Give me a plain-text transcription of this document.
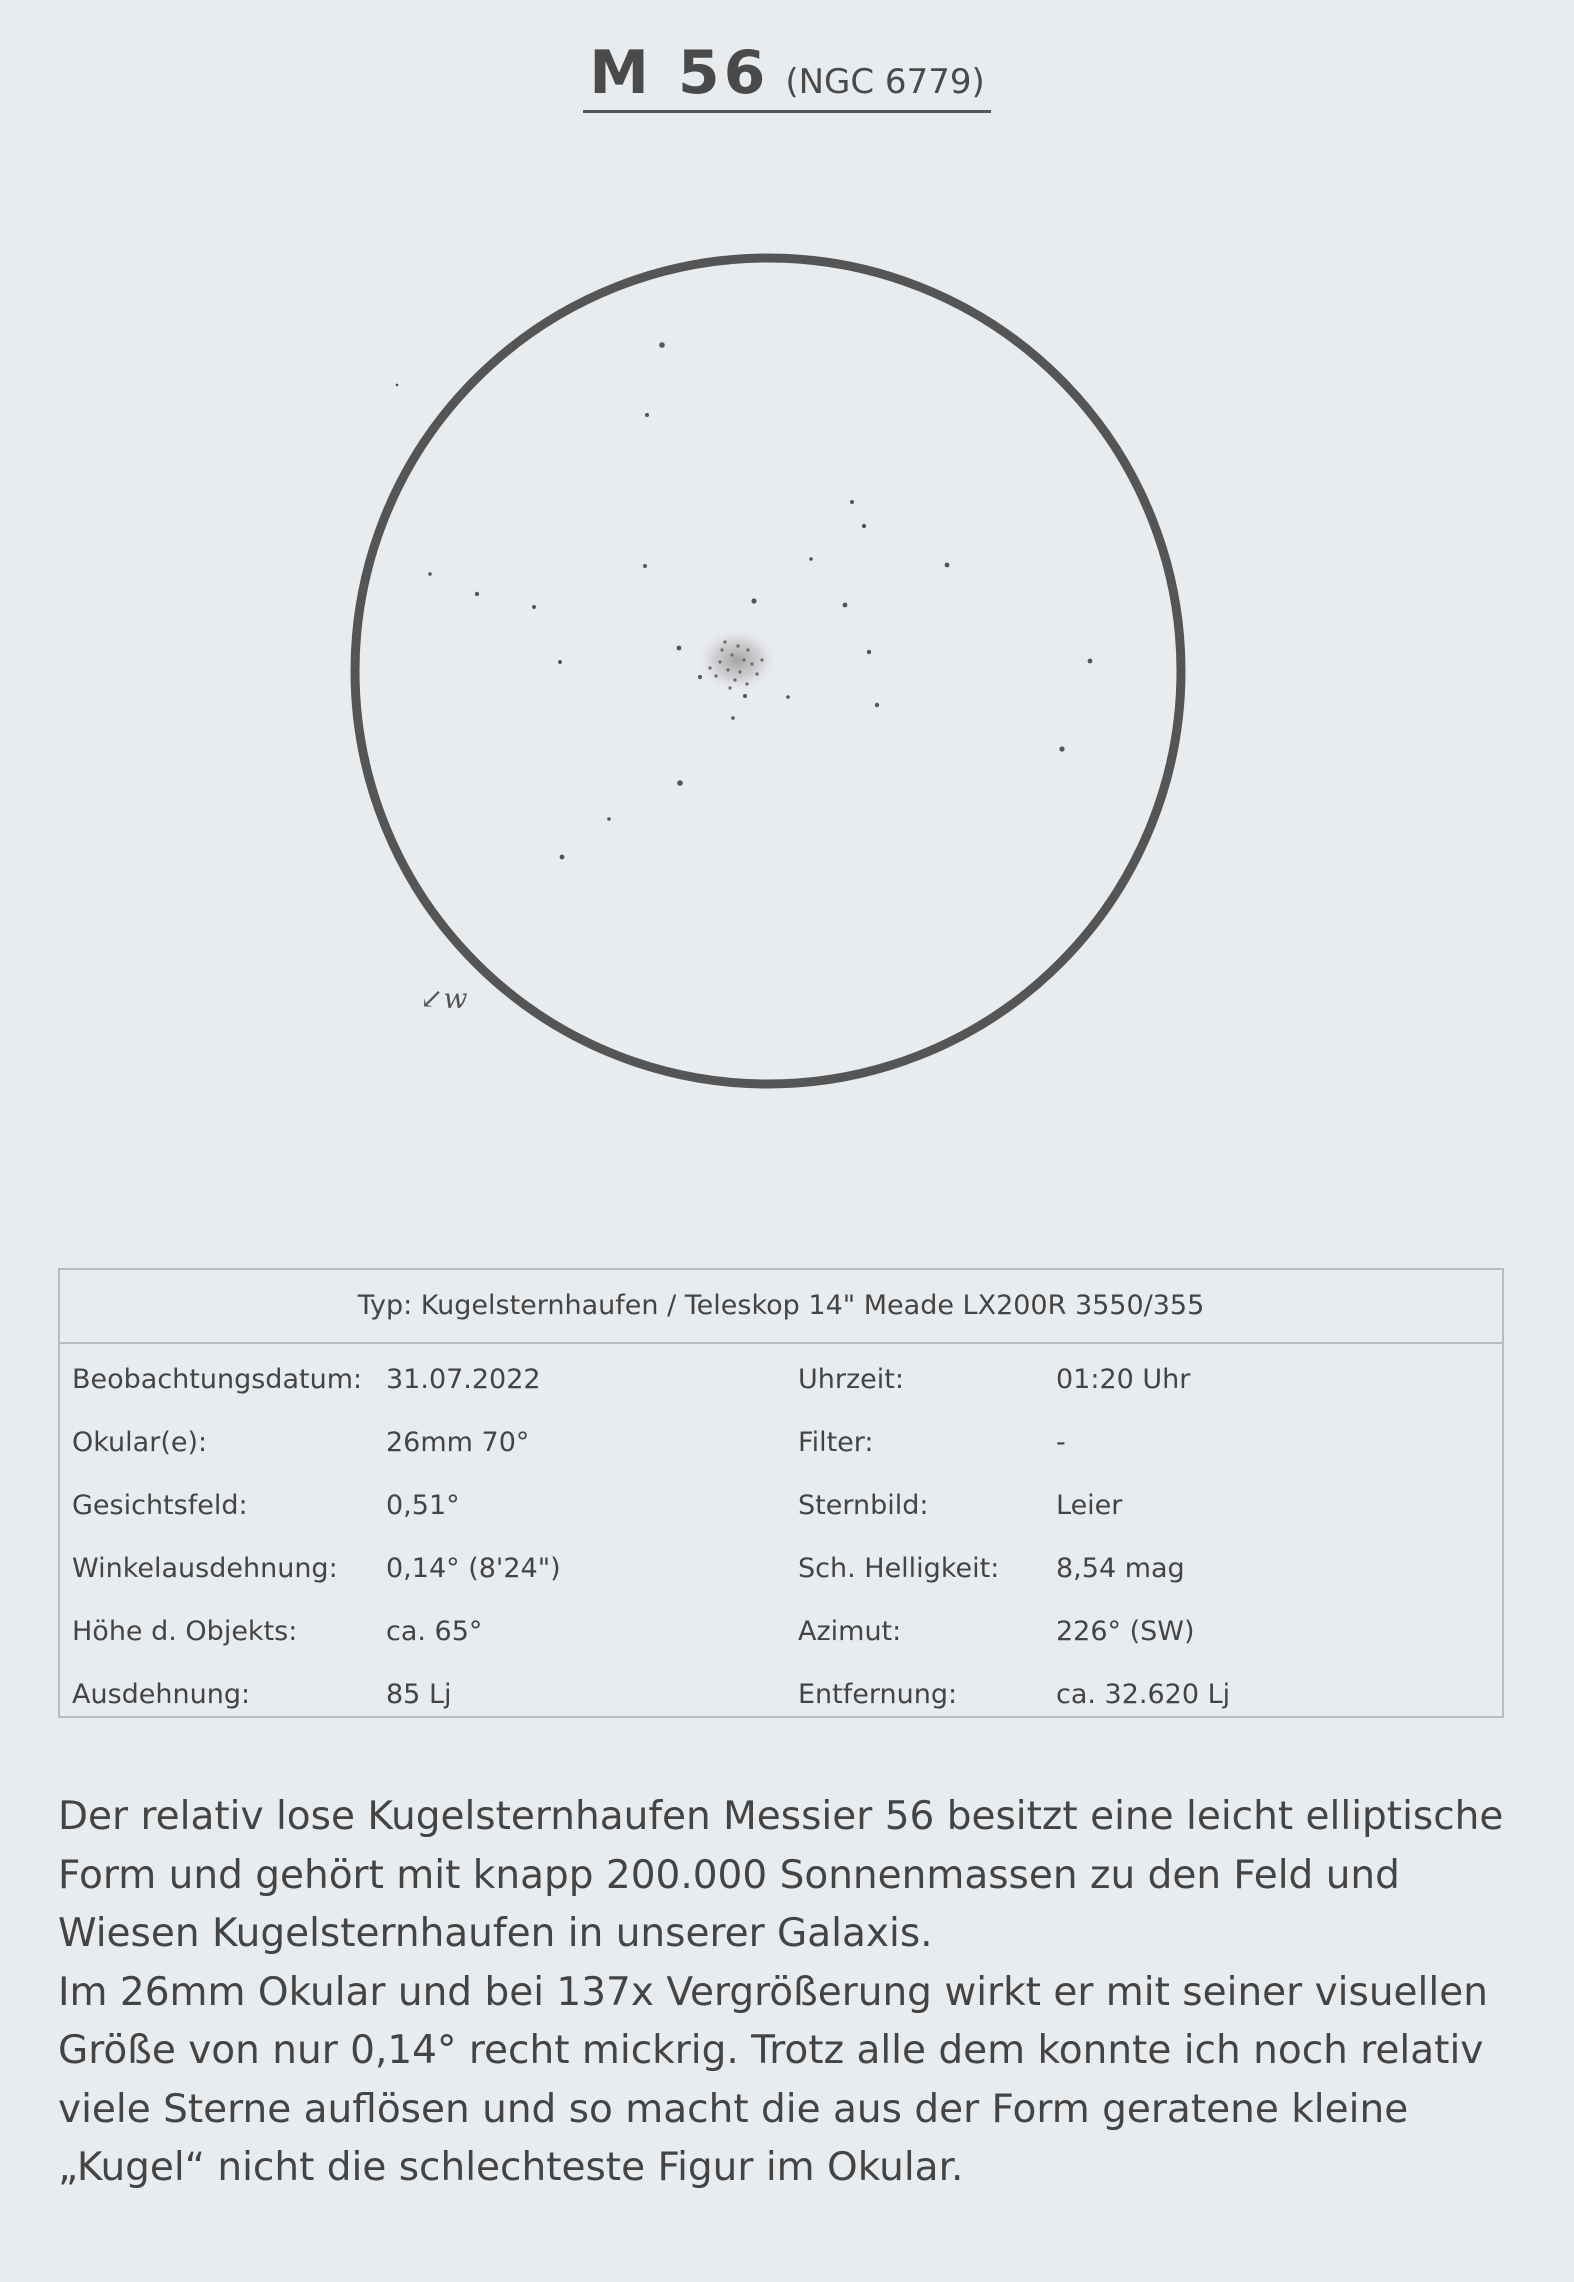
M 56 (NGC 6779)
↙w
Typ: Kugelsternhaufen / Teleskop 14" Meade LX200R 3550/355
Beobachtungsdatum: 31.07.2022	Uhrzeit:	01:20 Uhr
Okular(e):	26mm 70°	Filter:	-
Gesichtsfeld:	0,51°	Sternbild:	Leier
Winkelausdehnung: 0,14° (8'24")	Sch. Helligkeit: 8,54 mag
Höhe d. Objekts:	ca. 65°	Azimut:	226° (SW)
Ausdehnung:	85 Lj	Entfernung:	ca. 32.620 Lj

Der relativ lose Kugelsternhaufen Messier 56 besitzt eine leicht elliptische Form und gehört mit knapp 200.000 Sonnenmassen zu den Feld und Wiesen Kugelsternhaufen in unserer Galaxis.

Im 26mm Okular und bei 137x Vergrößerung wirkt er mit seiner visuellen Größe von nur 0,14° recht mickrig. Trotz alle dem konnte ich noch relativ viele Sterne auflösen und so macht die aus der Form geratene kleine „Kugel“ nicht die schlechteste Figur im Okular.
